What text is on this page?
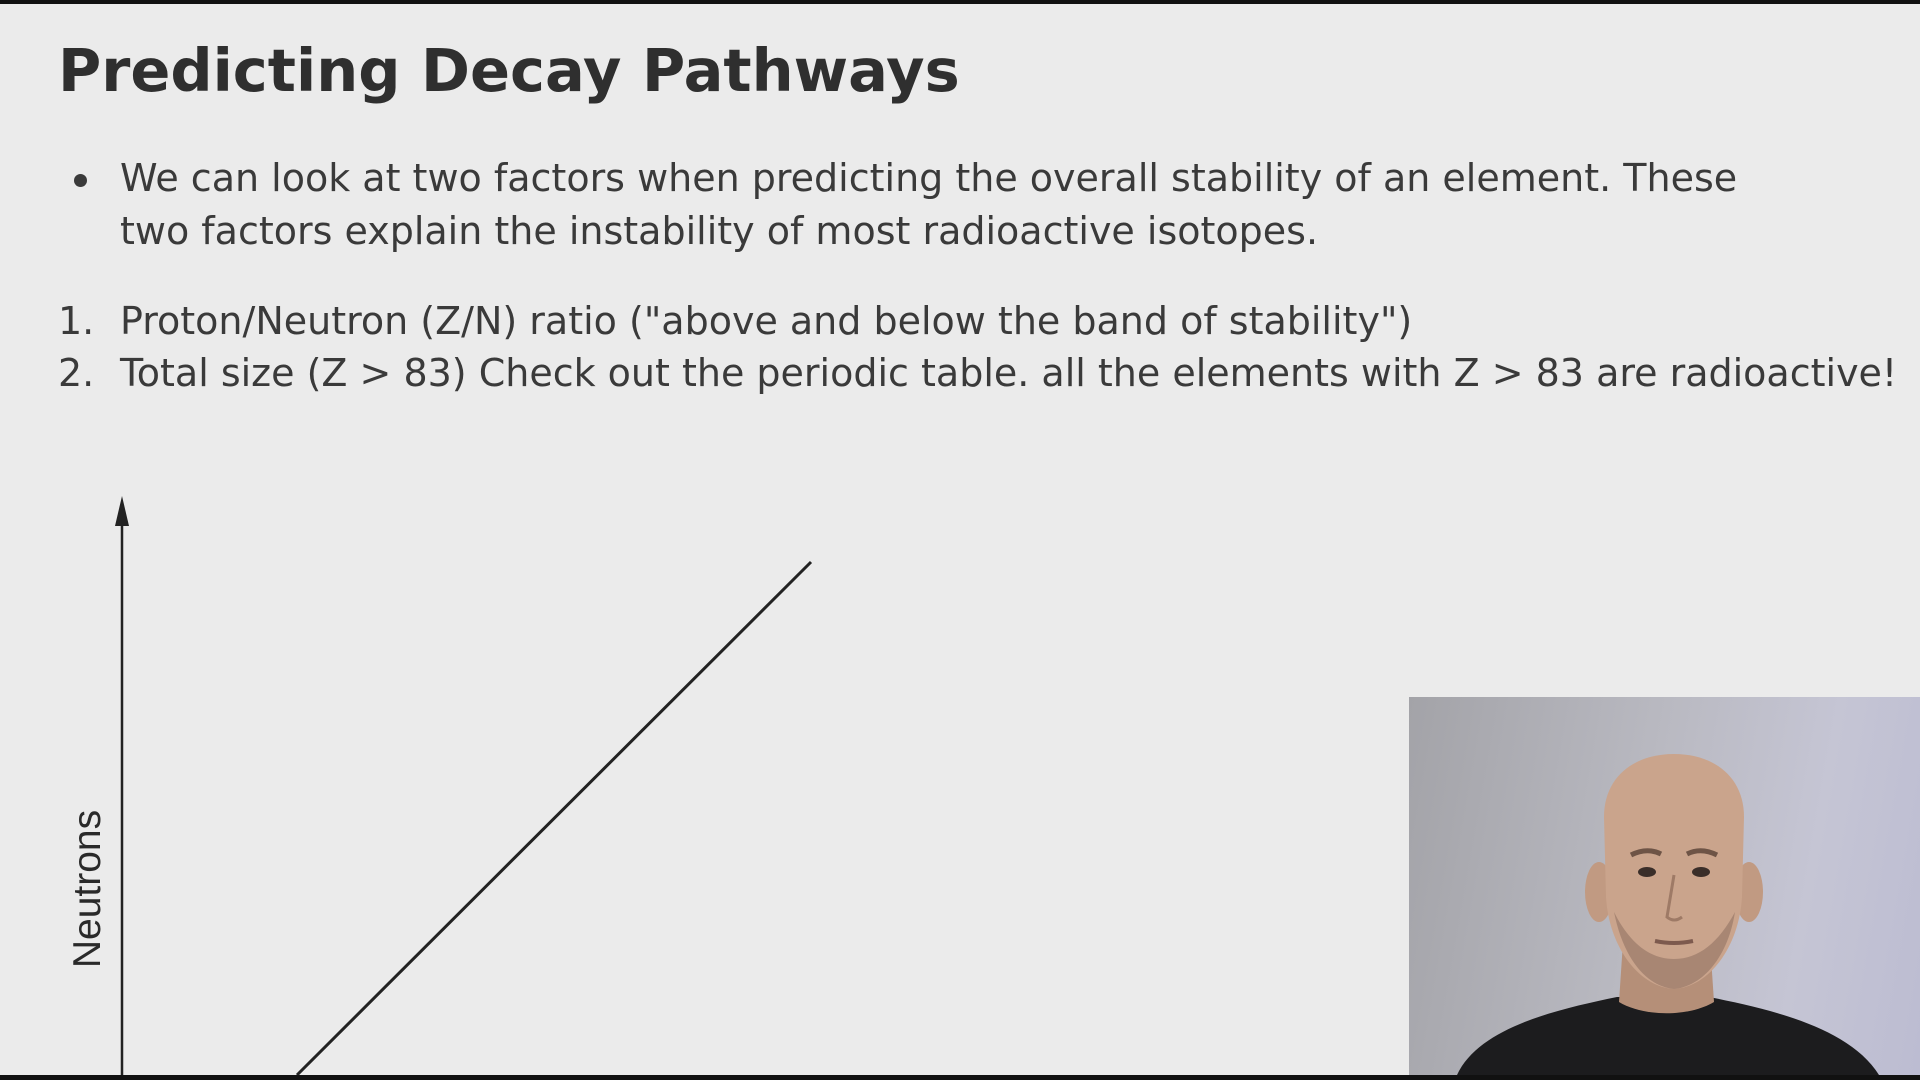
Predicting Decay Pathways
We can look at two factors when predicting the overall stability of an element. These two factors explain the instability of most radioactive isotopes.
1. Proton/Neutron (Z/N) ratio ("above and below the band of stability")
2. Total size (Z > 83) Check out the periodic table. all the elements with Z > 83 are radioactive!
Neutrons
